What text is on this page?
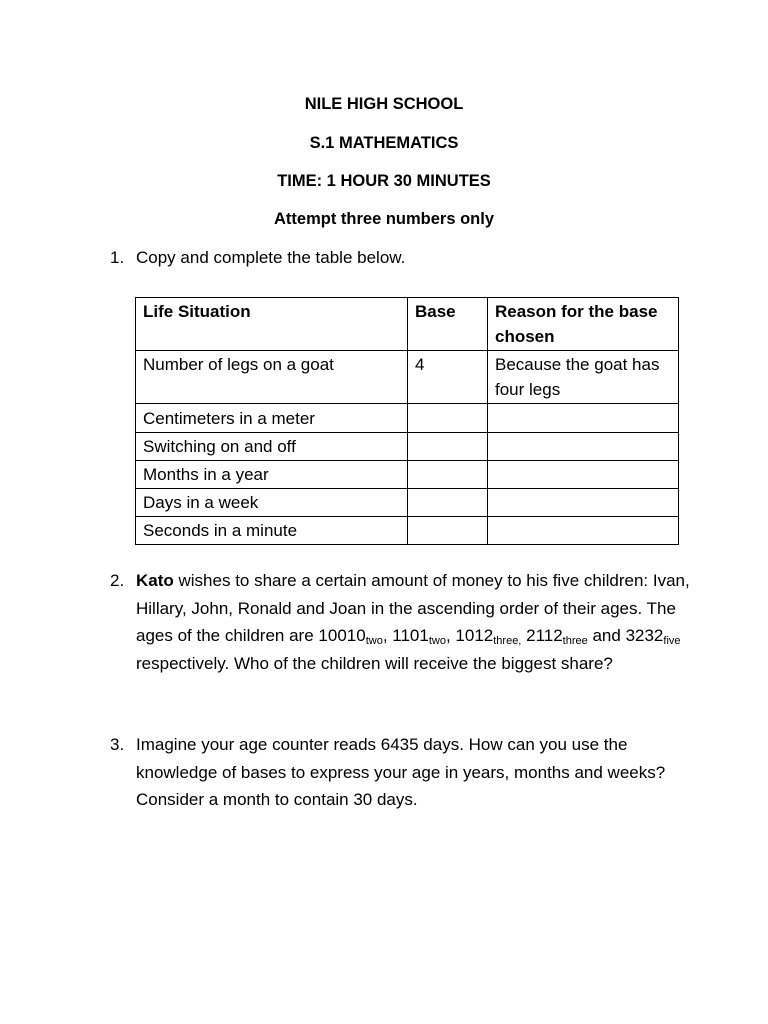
NILE HIGH SCHOOL
S.1 MATHEMATICS
TIME: 1 HOUR 30 MINUTES
Attempt three numbers only
1. Copy and complete the table below.
Life Situation	Base	Reason for the base chosen
Number of legs on a goat	4	Because the goat has four legs
Centimeters in a meter		
Switching on and off		
Months in a year		
Days in a week		
Seconds in a minute		
2. Kato wishes to share a certain amount of money to his five children: Ivan, Hillary, John, Ronald and Joan in the ascending order of their ages. The ages of the children are $10010_{two}$, $1101_{two}$, $1012_{three,}$ $2112_{three}$ and $3232_{five}$ respectively. Who of the children will receive the biggest share?
3. Imagine your age counter reads 6435 days. How can you use the knowledge of bases to express your age in years, months and weeks?
Consider a month to contain 30 days.
